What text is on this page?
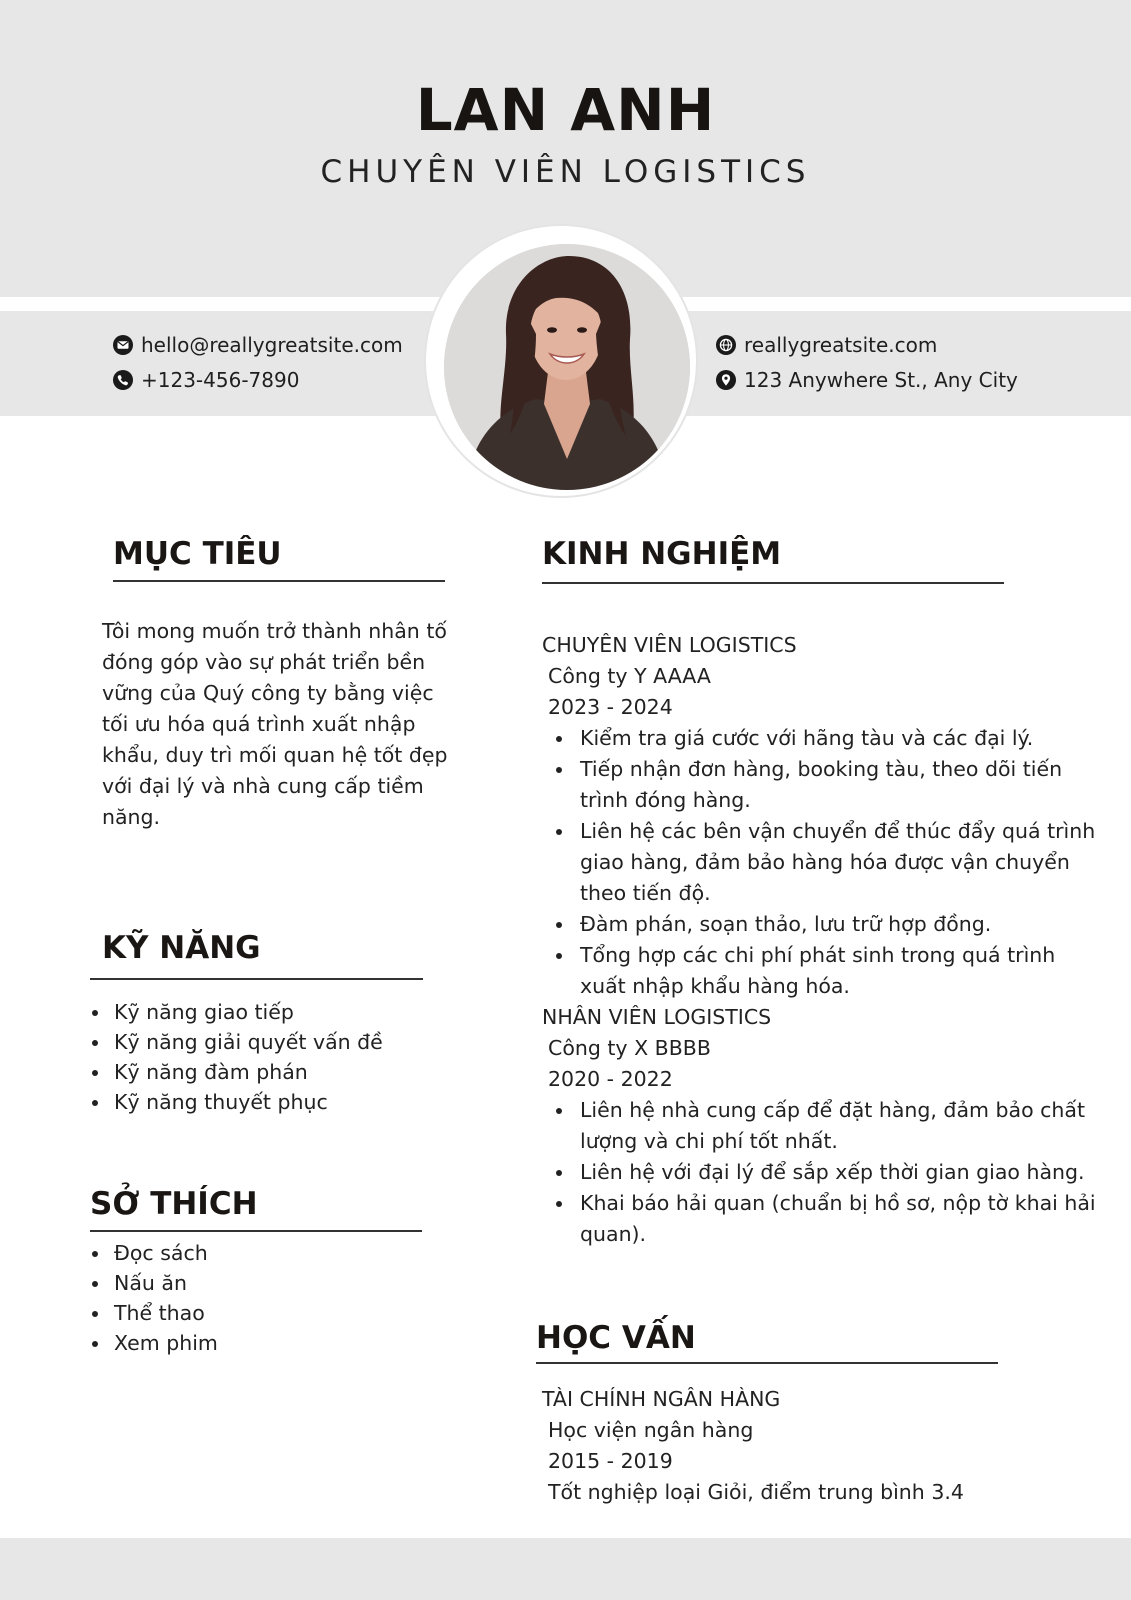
LAN ANH

CHUYÊN VIÊN LOGISTICS

hello@reallygreatsite.com
+123-456-7890
reallygreatsite.com
123 Anywhere St., Any City
MỤC TIÊU

Tôi mong muốn trở thành nhân tố đóng góp vào sự phát triển bền vững của Quý công ty bằng việc tối ưu hóa quá trình xuất nhập khẩu, duy trì mối quan hệ tốt đẹp với đại lý và nhà cung cấp tiềm năng.

KỸ NĂNG
Kỹ năng giao tiếp
Kỹ năng giải quyết vấn đề
Kỹ năng đàm phán
Kỹ năng thuyết phục
SỞ THÍCH
Đọc sách
Nấu ăn
Thể thao
Xem phim
KINH NGHIỆM

CHUYÊN VIÊN LOGISTICS

Công ty Y AAAA

2023 - 2024

Kiểm tra giá cước với hãng tàu và các đại lý.
Tiếp nhận đơn hàng, booking tàu, theo dõi tiến trình đóng hàng.
Liên hệ các bên vận chuyển để thúc đẩy quá trình giao hàng, đảm bảo hàng hóa được vận chuyển theo tiến độ.
Đàm phán, soạn thảo, lưu trữ hợp đồng.
Tổng hợp các chi phí phát sinh trong quá trình xuất nhập khẩu hàng hóa.

NHÂN VIÊN LOGISTICS

Công ty X BBBB

2020 - 2022

Liên hệ nhà cung cấp để đặt hàng, đảm bảo chất lượng và chi phí tốt nhất.
Liên hệ với đại lý để sắp xếp thời gian giao hàng.
Khai báo hải quan (chuẩn bị hồ sơ, nộp tờ khai hải quan).
HỌC VẤN

TÀI CHÍNH NGÂN HÀNG

Học viện ngân hàng

2015 - 2019

Tốt nghiệp loại Giỏi, điểm trung bình 3.4
